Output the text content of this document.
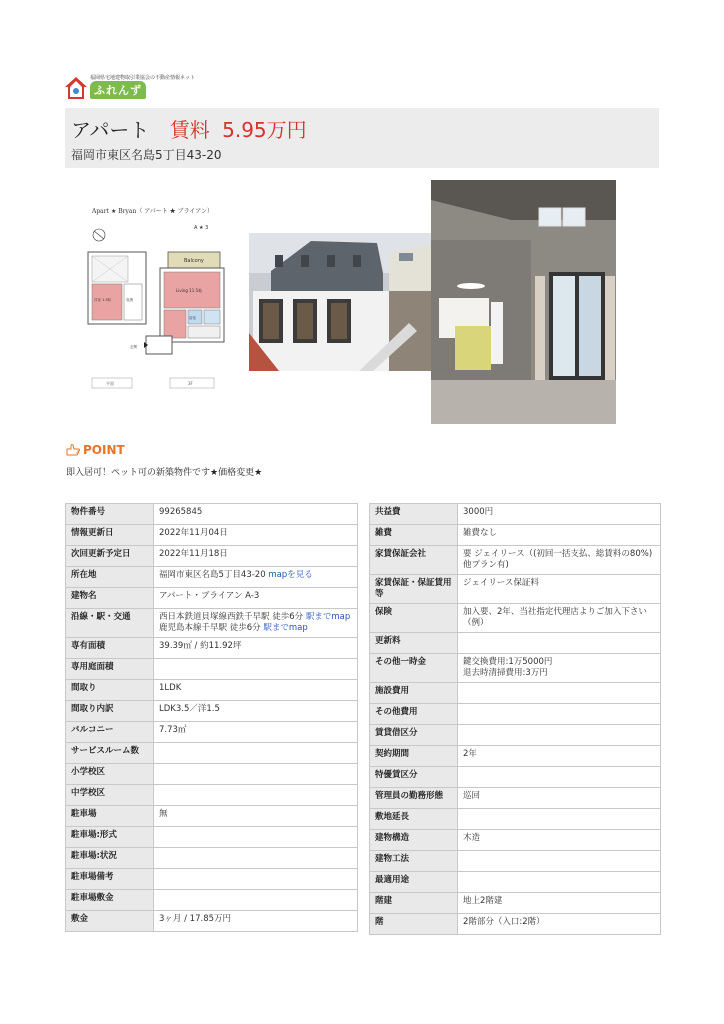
福岡県宅地建物取引業協会の不動産情報ネット
ふれんず
アパート 賃料 5.95万円
福岡市東区名島5丁目43-20
Apart ★ Bryan（ アパート ★ ブライアン）
A ★ 3
Balcony
洋室 1.5帖	収納
Living 11.5帖
浴室
玄関
平面	3F
POINT
即入居可！ペット可の新築物件です★価格変更★
物件番号	99265845
情報更新日	2022年11月04日
次回更新予定日	2022年11月18日
所在地	福岡市東区名島5丁目43-20 mapを見る
建物名	アパート・ブライアン A-3
沿線・駅・交通	西日本鉄道貝塚線西鉄千早駅 徒歩6分 駅までmap
鹿児島本線千早駅 徒歩6分 駅までmap
専有面積	39.39㎡ / 約11.92坪
専用庭面積	
間取り	1LDK
間取り内訳	LDK3.5／洋1.5
バルコニー	7.73㎡
サービスルーム数	
小学校区	
中学校区	
駐車場	無
駐車場:形式	
駐車場:状況	
駐車場備考	
駐車場敷金	
敷金	3ヶ月 / 17.85万円
共益費	3000円
雑費	雑費なし
家賃保証会社	要 ジェイリース（(初回一括支払、総賃料の80%)他プラン有)
家賃保証・保証賃用等	ジェイリース保証料
保険	加入要、2年、当社指定代理店よりご加入下さい（例）
更新料	
その他一時金	鍵交換費用:1万5000円
退去時清掃費用:3万円
施設費用	
その他費用	
賃貸借区分	
契約期間	2年
特優賃区分	
管理員の勤務形態	巡回
敷地延長	
建物構造	木造
建物工法	
最適用途	
階建	地上2階建
階	2階部分（入口:2階）
